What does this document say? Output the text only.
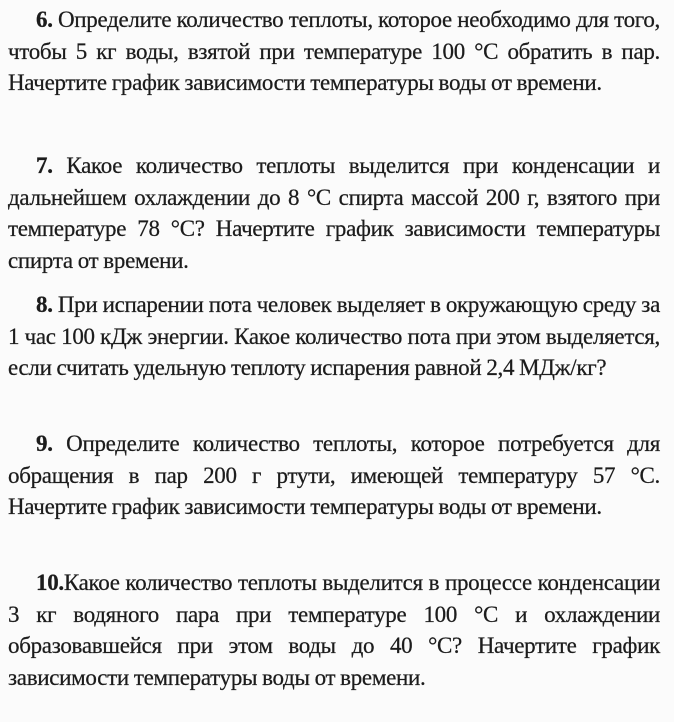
6. Определите количество теплоты, которое необходимо для того, чтобы 5 кг воды, взятой при температуре 100 °C обратить в пар. Начертите график зависимости температуры воды от времени.

7. Какое количество теплоты выделится при конденсации и дальнейшем охлаждении до 8 °C спирта массой 200 г, взятого при температуре 78 °C? Начертите график зависимости температуры спирта от времени.

8. При испарении пота человек выделяет в окружающую среду за 1 час 100 кДж энергии. Какое количество пота при этом выделяется, если считать удельную теплоту испарения равной 2,4 МДж/кг?

9. Определите количество теплоты, которое потребуется для обращения в пар 200 г ртути, имеющей температуру 57 °C. Начертите график зависимости температуры воды от времени.

10.Какое количество теплоты выделится в процессе конденсации 3 кг водяного пара при температуре 100 °C и охлаждении образовавшейся при этом воды до 40 °C? Начертите график зависимости температуры воды от времени.
